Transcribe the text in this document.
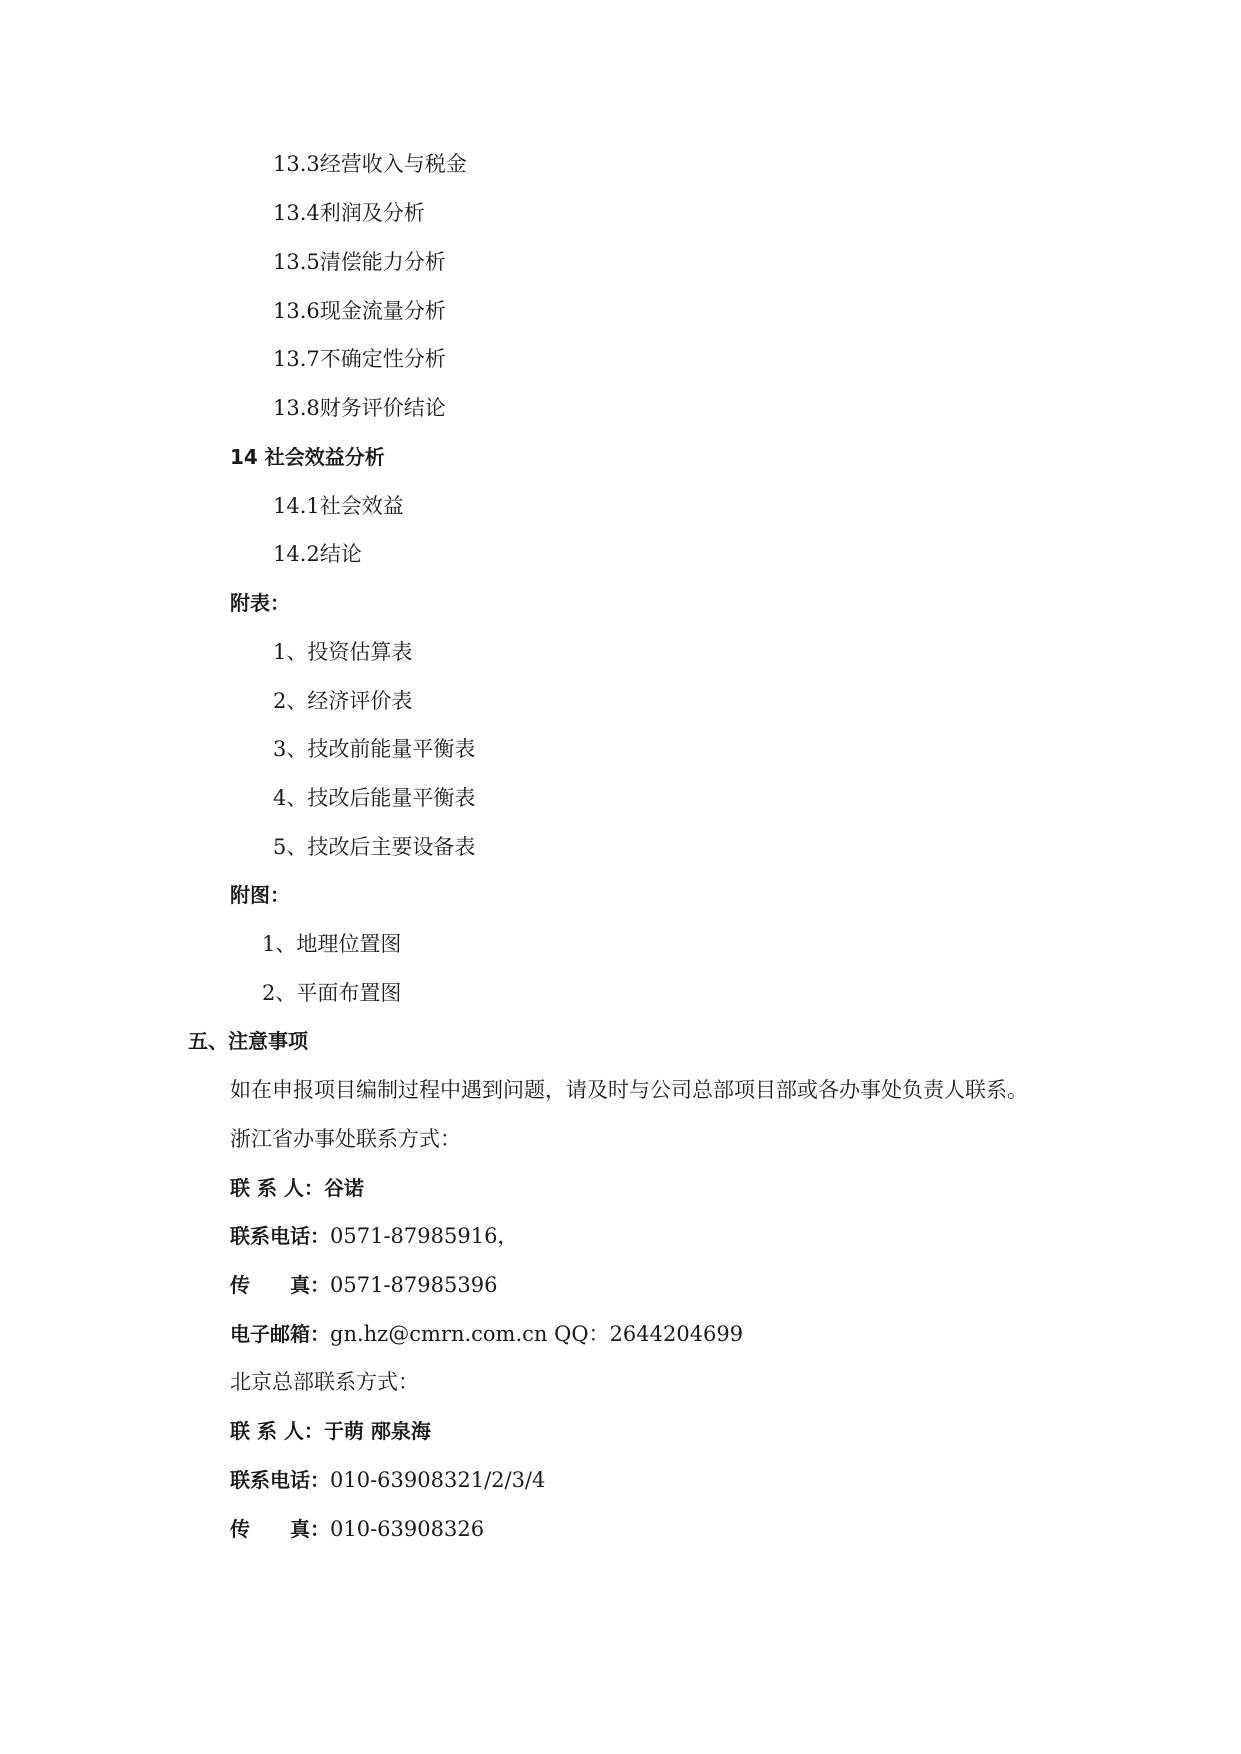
13.3经营收入与税金
13.4利润及分析
13.5清偿能力分析
13.6现金流量分析
13.7不确定性分析
13.8财务评价结论
14 社会效益分析
14.1社会效益
14.2结论
附表：
1、投资估算表
2、经济评价表
3、技改前能量平衡表
4、技改后能量平衡表
5、技改后主要设备表
附图：
1、地理位置图
2、平面布置图
五、注意事项
如在申报项目编制过程中遇到问题，请及时与公司总部项目部或各办事处负责人联系。
浙江省办事处联系方式：
联 系 人：谷诺
联系电话：0571-87985916，
传　　真：0571-87985396
电子邮箱：gn.hz@cmrn.com.cn QQ：2644204699
北京总部联系方式：
联 系 人：于萌 邴泉海
联系电话：010-63908321/2/3/4
传　　真：010-63908326
